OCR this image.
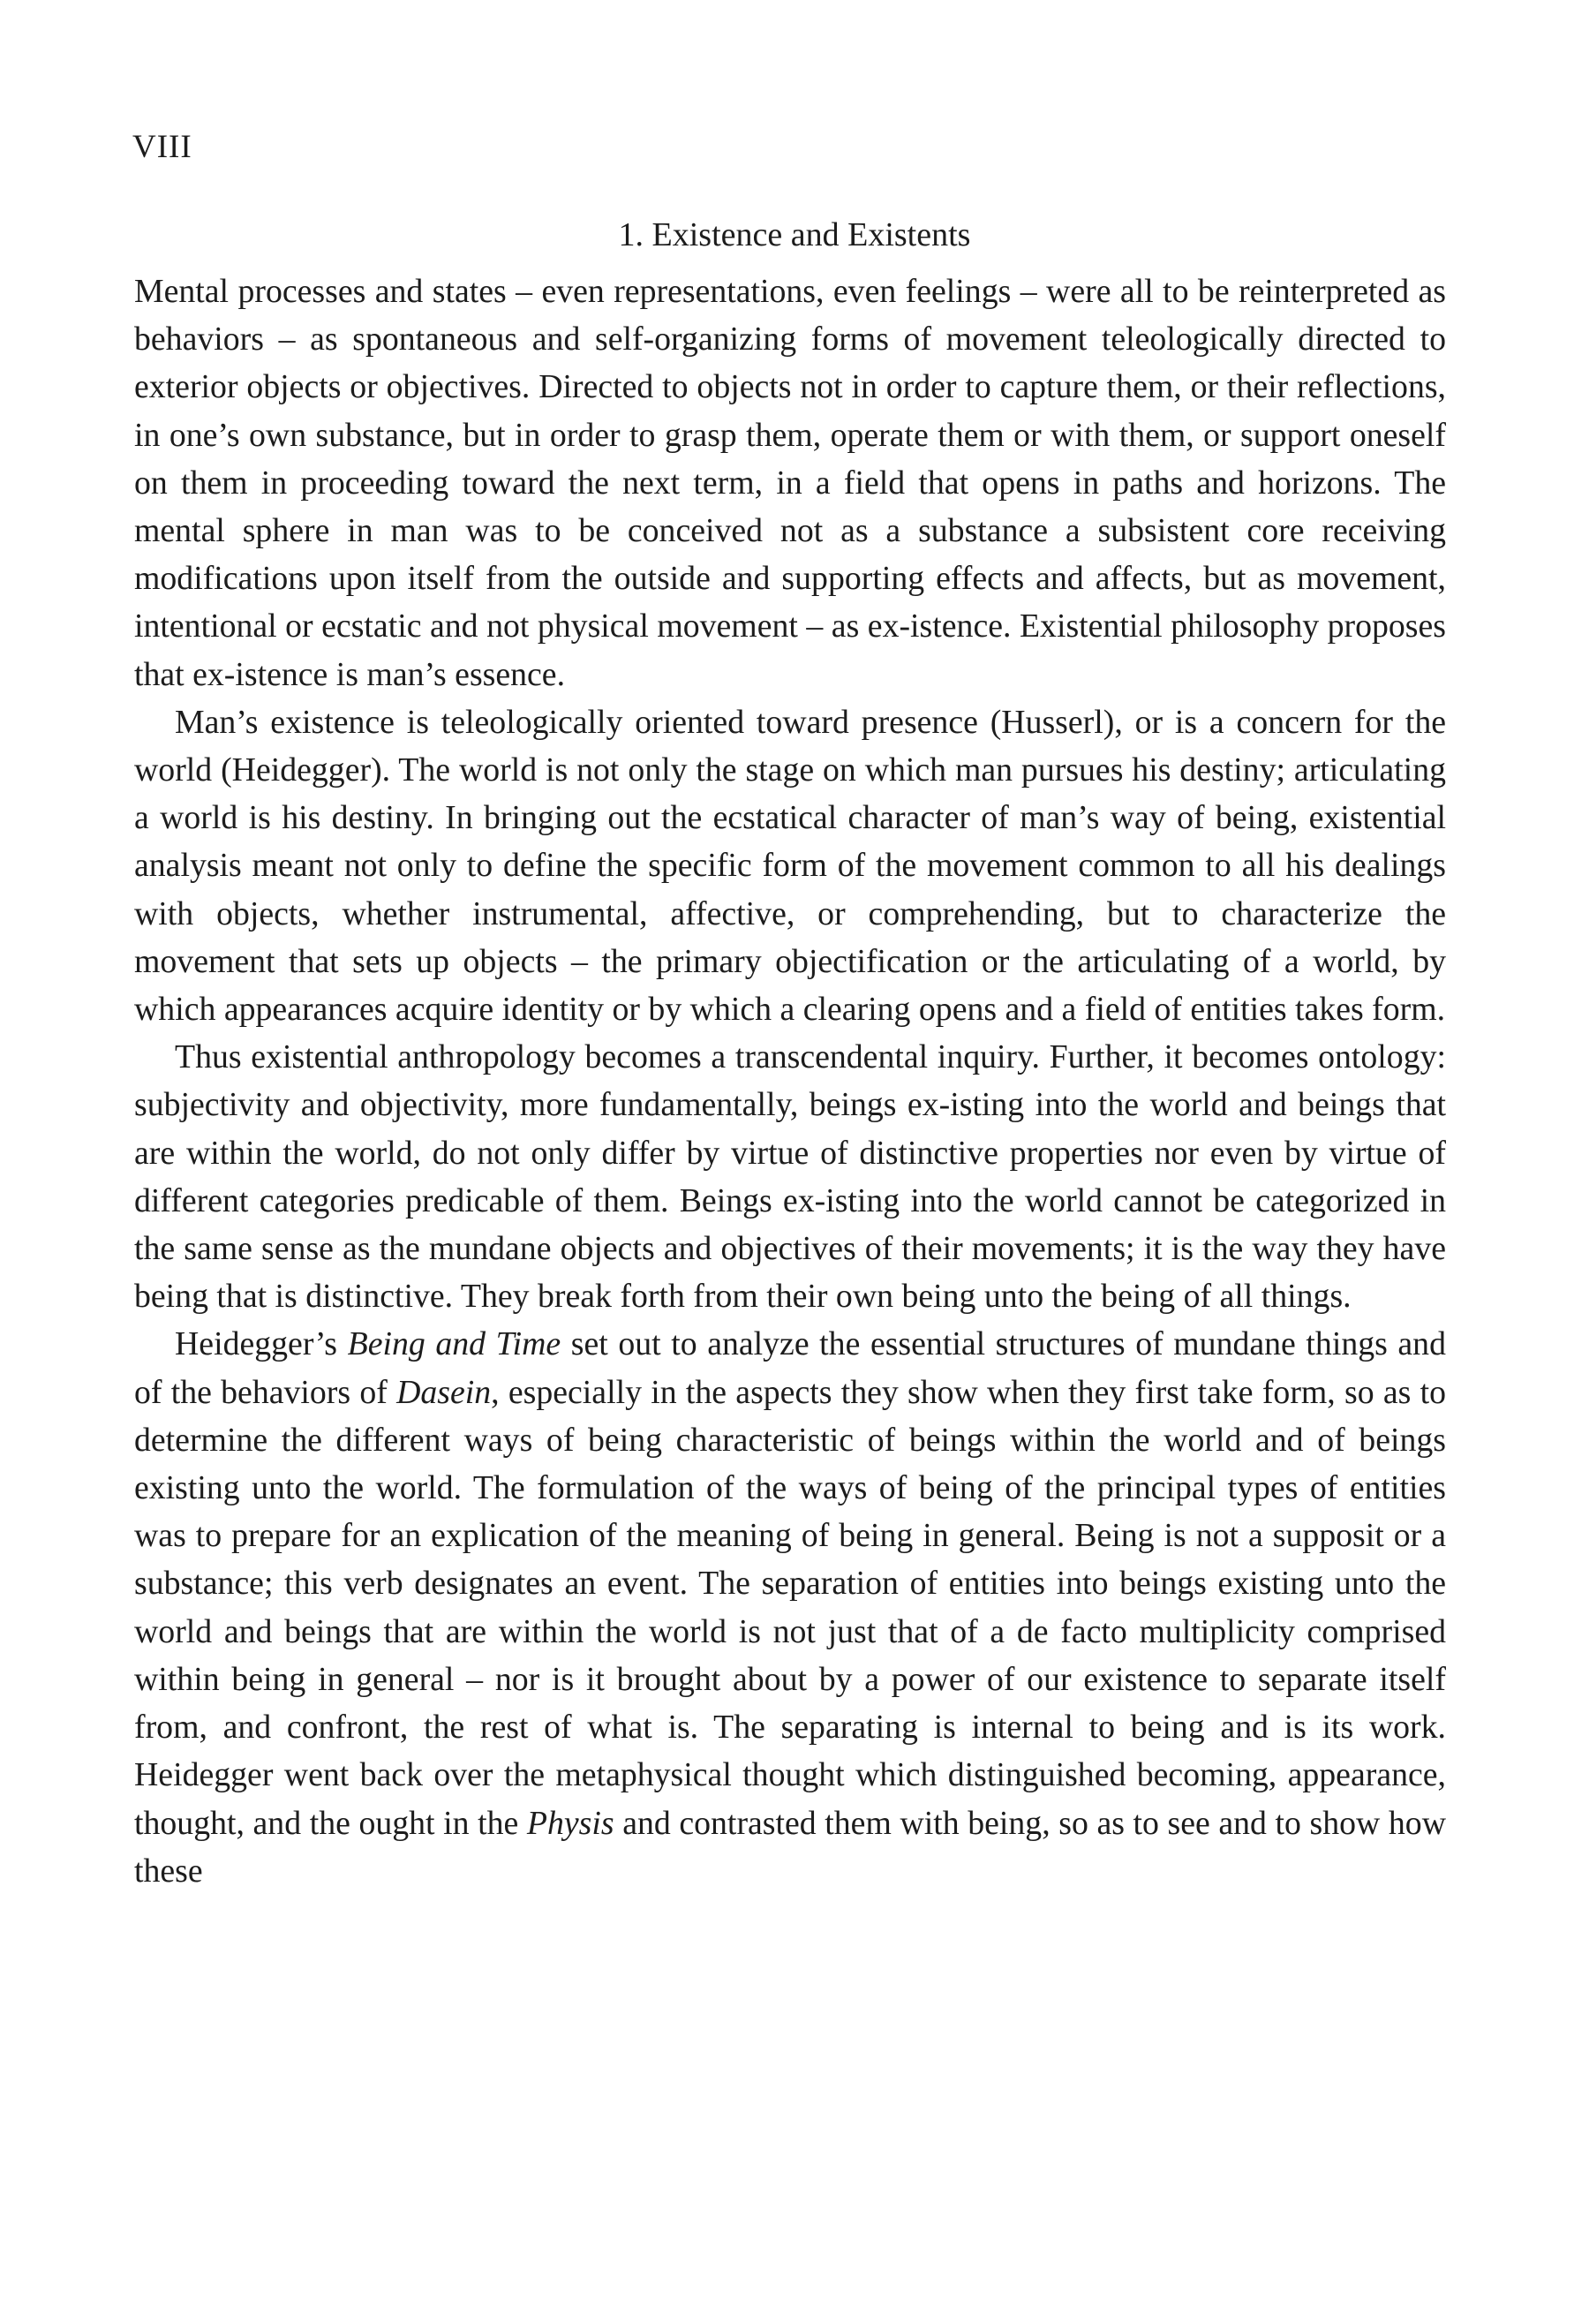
VIII
1. Existence and Existents

Mental processes and states – even representations, even feelings – were all to be reinterpreted as behaviors – as spontaneous and self-organizing forms of movement teleologically directed to exterior objects or objectives. Directed to objects not in order to capture them, or their reflections, in one’s own substance, but in order to grasp them, operate them or with them, or support oneself on them in proceeding toward the next term, in a field that opens in paths and horizons. The mental sphere in man was to be conceived not as a substance a subsistent core receiving modifications upon itself from the outside and supporting effects and affects, but as movement, intentional or ecstatic and not physical movement – as ex-istence. Existential philosophy proposes that ex-istence is man’s essence.

Man’s existence is teleologically oriented toward presence (Husserl), or is a concern for the world (Heidegger). The world is not only the stage on which man pursues his destiny; articulating a world is his destiny. In bringing out the ecstatical character of man’s way of being, existential analysis meant not only to define the specific form of the movement common to all his dealings with objects, whether instrumental, affective, or comprehending, but to characterize the movement that sets up objects – the primary objectification or the articulating of a world, by which appearances acquire identity or by which a clearing opens and a field of entities takes form.

Thus existential anthropology becomes a transcendental inquiry. Further, it becomes ontology: subjectivity and objectivity, more fundamentally, beings ex-isting into the world and beings that are within the world, do not only differ by virtue of distinctive properties nor even by virtue of different categories predicable of them. Beings ex-isting into the world cannot be categorized in the same sense as the mundane objects and objectives of their movements; it is the way they have being that is distinctive. They break forth from their own being unto the being of all things.

Heidegger’s Being and Time set out to analyze the essential structures of mundane things and of the behaviors of Dasein, especially in the aspects they show when they first take form, so as to determine the different ways of being characteristic of beings within the world and of beings existing unto the world. The formulation of the ways of being of the principal types of entities was to prepare for an explication of the meaning of being in general. Being is not a supposit or a substance; this verb designates an event. The separation of entities into beings existing unto the world and beings that are within the world is not just that of a de facto multiplicity comprised within being in general – nor is it brought about by a power of our existence to separate itself from, and confront, the rest of what is. The separating is internal to being and is its work. Heidegger went back over the metaphysical thought which distinguished becoming, appearance, thought, and the ought in the Physis and contrasted them with being, so as to see and to show how these
